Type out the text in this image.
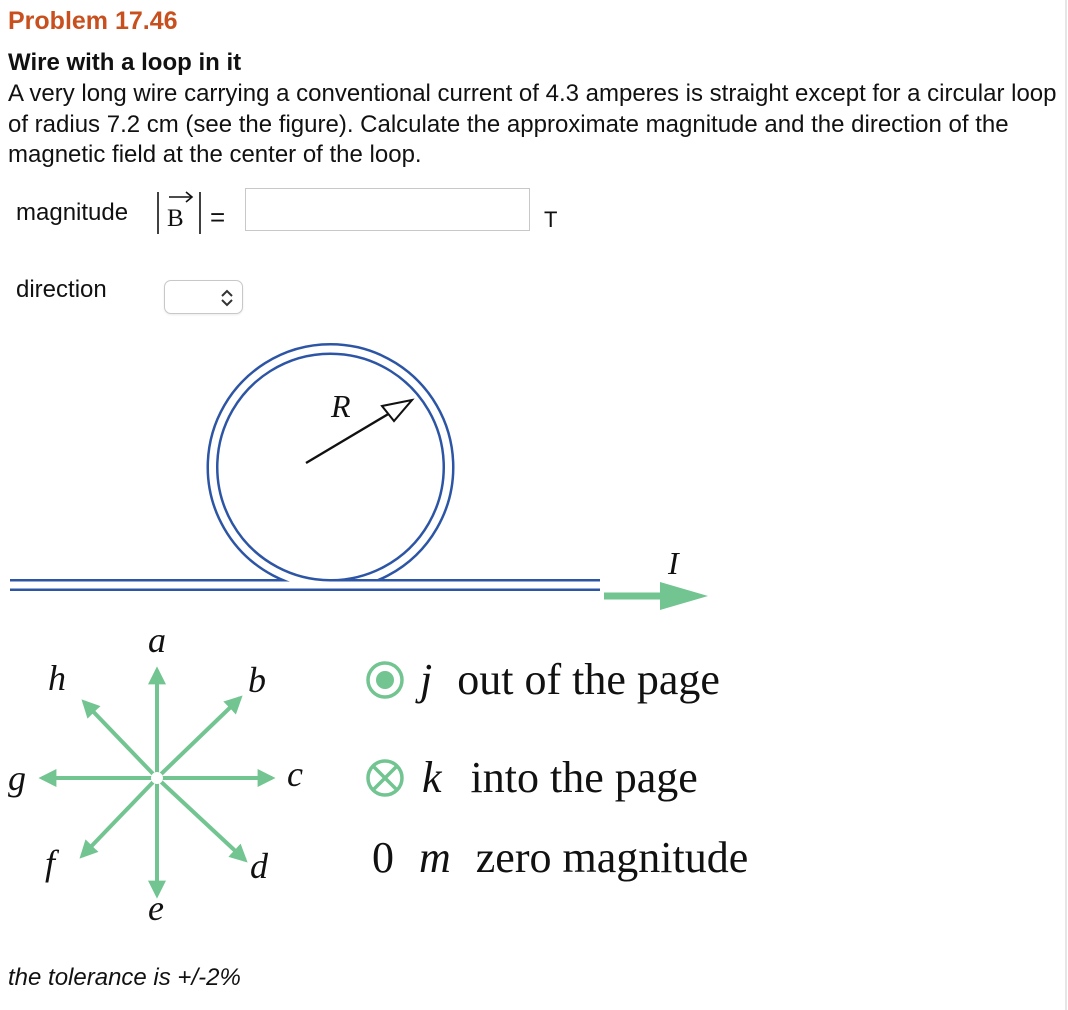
Problem 17.46
Wire with a loop in it
A very long wire carrying a conventional current of 4.3 amperes is straight except for a circular loop of radius 7.2 cm (see the figure). Calculate the approximate magnitude and the direction of the magnetic field at the center of the loop.
magnitude B =	T
direction
R
I
a
b
c
d
e
f
g
h	j out of the page
k into the page
0 m zero magnitude
the tolerance is +/-2%
